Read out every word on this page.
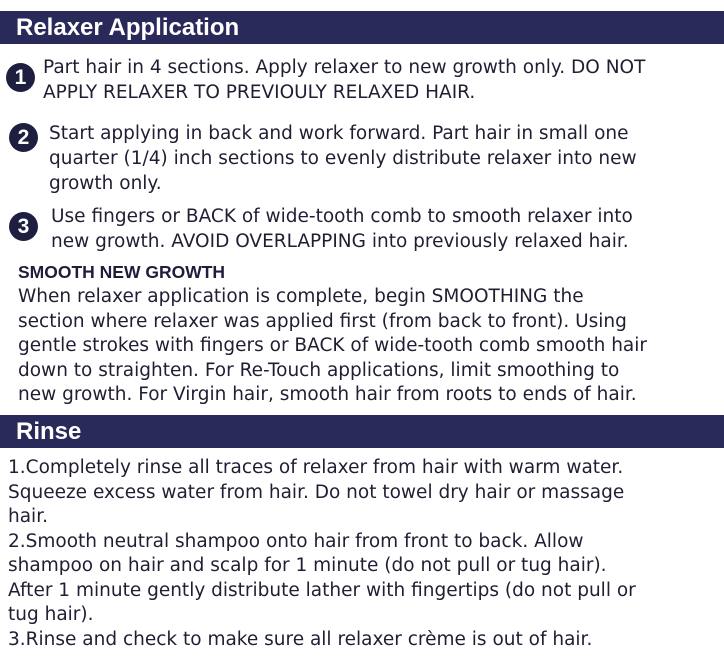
Relaxer Application
1 Part hair in 4 sections. Apply relaxer to new growth only. DO NOT
APPLY RELAXER TO PREVIOULY RELAXED HAIR.
2	Start applying in back and work forward. Part hair in small one
quarter (1/4) inch sections to evenly distribute relaxer into new
growth only.
3	Use fingers or BACK of wide-tooth comb to smooth relaxer into
new growth. AVOID OVERLAPPING into previously relaxed hair.
SMOOTH NEW GROWTH
When relaxer application is complete, begin SMOOTHING the
section where relaxer was applied first (from back to front). Using
gentle strokes with fingers or BACK of wide-tooth comb smooth hair
down to straighten. For Re-Touch applications, limit smoothing to
new growth. For Virgin hair, smooth hair from roots to ends of hair.
Rinse
1.Completely rinse all traces of relaxer from hair with warm water.
Squeeze excess water from hair. Do not towel dry hair or massage
hair.
2.Smooth neutral shampoo onto hair from front to back. Allow
shampoo on hair and scalp for 1 minute (do not pull or tug hair).
After 1 minute gently distribute lather with fingertips (do not pull or
tug hair).
3.Rinse and check to make sure all relaxer crème is out of hair.
